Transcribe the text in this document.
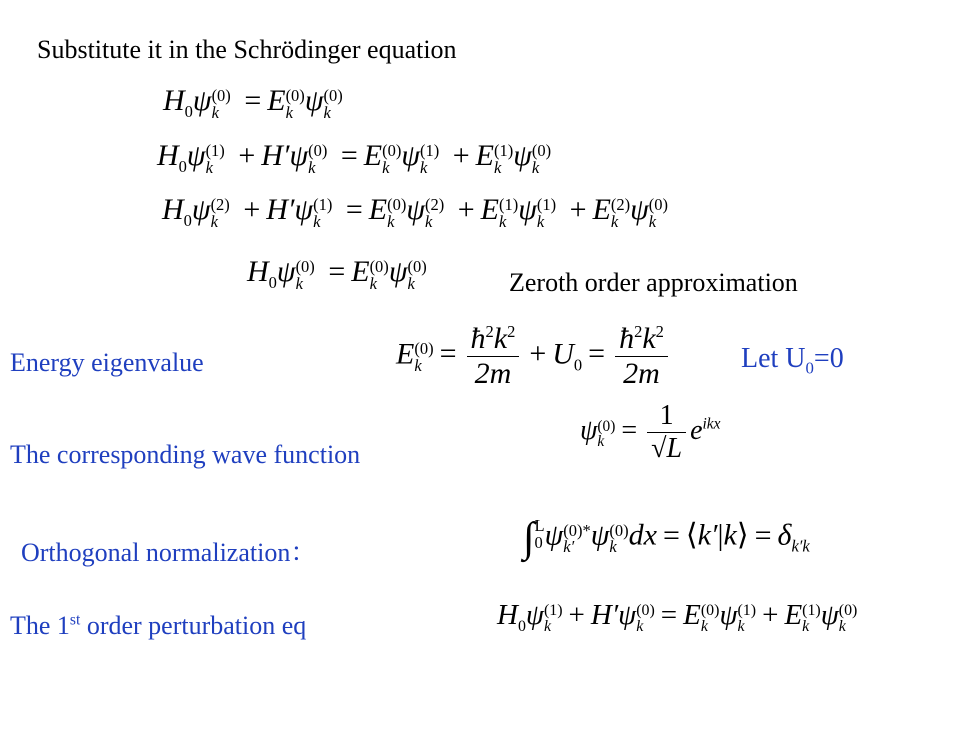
Substitute it in the Schrödinger equation
$H_0\psi$ (0)
k = E (0)
k ψ (0)
k
$H_0\psi$ (1)
k + H′ψ (0)
k = E (0)
k ψ (1)
k + E (1)
k ψ (0)
k
$H_0\psi$ (2)
k + H′ψ (1)
k = E (0)
k ψ (2)
k + E (1)
k ψ (1)
k + E (2)
k ψ (0)
k
$H_0\psi$ (0)
k = E (0)
k ψ (0)
k	Zeroth order approximation
Energy eigenvalue	E (0)
$k = \frac{ħ^2k^2}{2m} + U_0 = \frac{ħ^2k^2}{2m}$	Let $U_0=0$
The corresponding wave function
ψ (0)
$k = \frac{1}{√L} e^{ikx}$
Orthogonal normalization：	∫ L
0 ψ (0)*
k′ ψ (0)
k dx = ⟨k′|k⟩ = $\delta_{k'k}$
The 1st order perturbation eq	$H_0\psi$ (1)
k + H′ψ (0)
k = E (0)
k ψ (1)
k + E (1)
k ψ (0)
k
